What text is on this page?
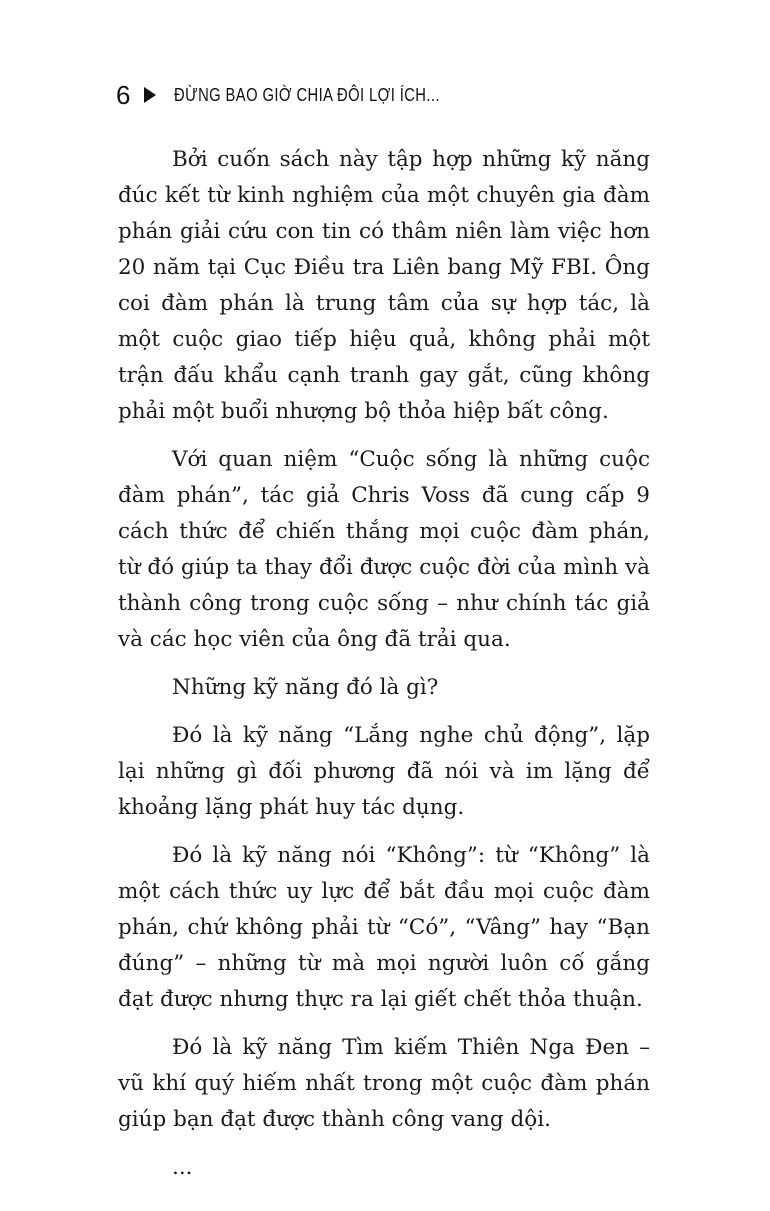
6 ĐỪNG BAO GIỜ CHIA ĐÔI LỢI ÍCH...

Bởi cuốn sách này tập hợp những kỹ năng đúc kết từ kinh nghiệm của một chuyên gia đàm phán giải cứu con tin có thâm niên làm việc hơn 20 năm tại Cục Điều tra Liên bang Mỹ FBI. Ông coi đàm phán là trung tâm của sự hợp tác, là một cuộc giao tiếp hiệu quả, không phải một trận đấu khẩu cạnh tranh gay gắt, cũng không phải một buổi nhượng bộ thỏa hiệp bất công.

Với quan niệm “Cuộc sống là những cuộc đàm phán”, tác giả Chris Voss đã cung cấp 9 cách thức để chiến thắng mọi cuộc đàm phán, từ đó giúp ta thay đổi được cuộc đời của mình và thành công trong cuộc sống – như chính tác giả và các học viên của ông đã trải qua.

Những kỹ năng đó là gì?

Đó là kỹ năng “Lắng nghe chủ động”, lặp lại những gì đối phương đã nói và im lặng để khoảng lặng phát huy tác dụng.

Đó là kỹ năng nói “Không”: từ “Không” là một cách thức uy lực để bắt đầu mọi cuộc đàm phán, chứ không phải từ “Có”, “Vâng” hay “Bạn đúng” – những từ mà mọi người luôn cố gắng đạt được nhưng thực ra lại giết chết thỏa thuận.

Đó là kỹ năng Tìm kiếm Thiên Nga Đen – vũ khí quý hiếm nhất trong một cuộc đàm phán giúp bạn đạt được thành công vang dội.

...
